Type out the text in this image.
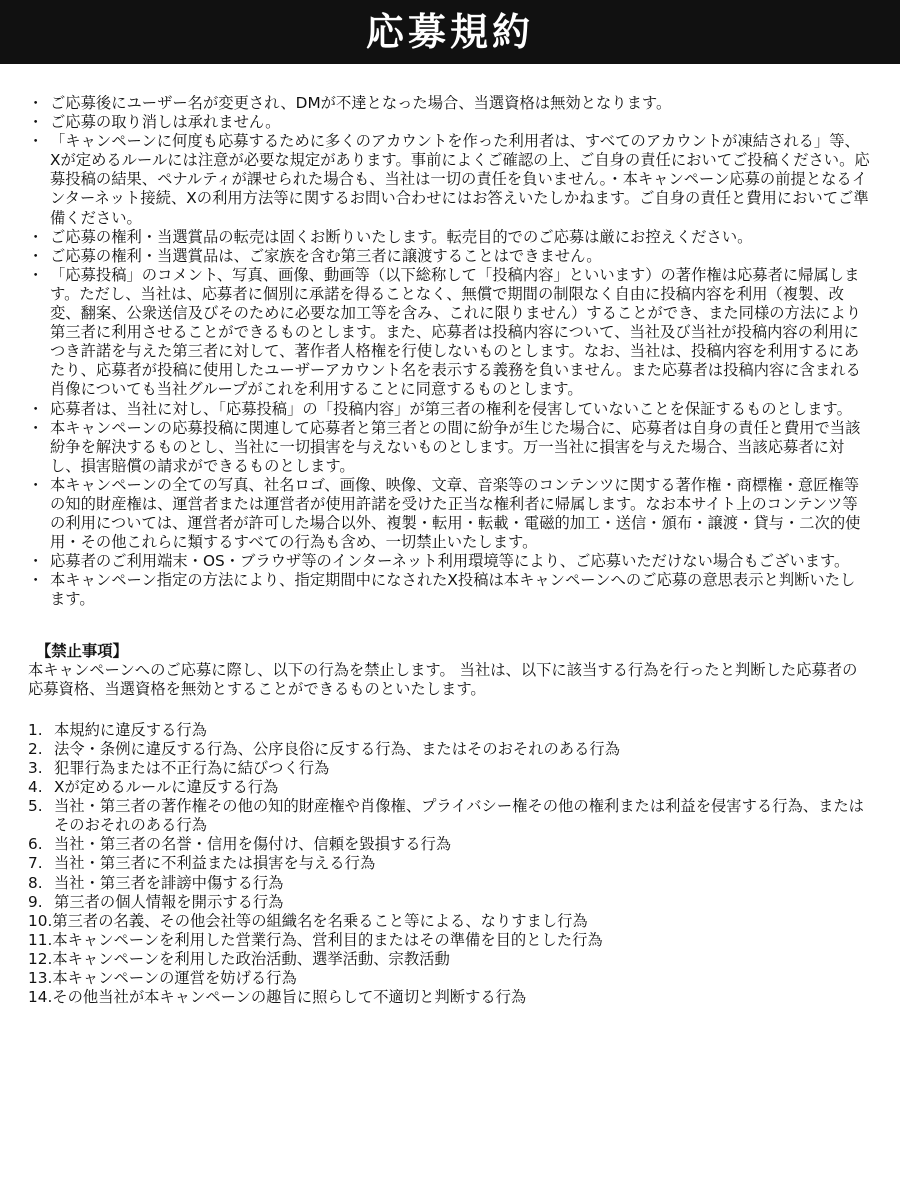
応募規約
・ ご応募後にユーザー名が変更され、DMが不達となった場合、当選資格は無効となります。
・ ご応募の取り消しは承れません。
・ 「キャンペーンに何度も応募するために多くのアカウントを作った利用者は、すべてのアカウントが凍結される」等、Xが定めるルールには注意が必要な規定があります。事前によくご確認の上、ご自身の責任においてご投稿ください。応募投稿の結果、ペナルティが課せられた場合も、当社は一切の責任を負いません。・本キャンペーン応募の前提となるインターネット接続、Xの利用方法等に関するお問い合わせにはお答えいたしかねます。ご自身の責任と費用においてご準備ください。
・ ご応募の権利・当選賞品の転売は固くお断りいたします。転売目的でのご応募は厳にお控えください。
・ ご応募の権利・当選賞品は、ご家族を含む第三者に譲渡することはできません。
・ 「応募投稿」のコメント、写真、画像、動画等（以下総称して「投稿内容」といいます）の著作権は応募者に帰属します。ただし、当社は、応募者に個別に承諾を得ることなく、無償で期間の制限なく自由に投稿内容を利用（複製、改変、翻案、公衆送信及びそのために必要な加工等を含み、これに限りません）することができ、また同様の方法により第三者に利用させることができるものとします。また、応募者は投稿内容について、当社及び当社が投稿内容の利用につき許諾を与えた第三者に対して、著作者人格権を行使しないものとします。なお、当社は、投稿内容を利用するにあたり、応募者が投稿に使用したユーザーアカウント名を表示する義務を負いません。また応募者は投稿内容に含まれる肖像についても当社グループがこれを利用することに同意するものとします。
・ 応募者は、当社に対し、「応募投稿」の「投稿内容」が第三者の権利を侵害していないことを保証するものとします。
・ 本キャンペーンの応募投稿に関連して応募者と第三者との間に紛争が生じた場合に、応募者は自身の責任と費用で当該紛争を解決するものとし、当社に一切損害を与えないものとします。万一当社に損害を与えた場合、当該応募者に対し、損害賠償の請求ができるものとします。
・ 本キャンペーンの全ての写真、社名ロゴ、画像、映像、文章、音楽等のコンテンツに関する著作権・商標権・意匠権等の知的財産権は、運営者または運営者が使用許諾を受けた正当な権利者に帰属します。なお本サイト上のコンテンツ等の利用については、運営者が許可した場合以外、複製・転用・転載・電磁的加工・送信・頒布・譲渡・貸与・二次的使用・その他これらに類するすべての行為も含め、一切禁止いたします。
・ 応募者のご利用端末・OS・ブラウザ等のインターネット利用環境等により、ご応募いただけない場合もございます。
・ 本キャンペーン指定の方法により、指定期間中になされたX投稿は本キャンペーンへのご応募の意思表示と判断いたします。
【禁止事項】
本キャンペーンへのご応募に際し、以下の行為を禁止します。 当社は、以下に該当する行為を行ったと判断した応募者の応募資格、当選資格を無効とすることができるものといたします。
1. 本規約に違反する行為
2. 法令・条例に違反する行為、公序良俗に反する行為、またはそのおそれのある行為
3. 犯罪行為または不正行為に結びつく行為
4. Xが定めるルールに違反する行為
5. 当社・第三者の著作権その他の知的財産権や肖像権、プライバシー権その他の権利または利益を侵害する行為、またはそのおそれのある行為
6. 当社・第三者の名誉・信用を傷付け、信頼を毀損する行為
7. 当社・第三者に不利益または損害を与える行為
8. 当社・第三者を誹謗中傷する行為
9. 第三者の個人情報を開示する行為
10.第三者の名義、その他会社等の組織名を名乗ること等による、なりすまし行為
11.本キャンペーンを利用した営業行為、営利目的またはその準備を目的とした行為
12.本キャンペーンを利用した政治活動、選挙活動、宗教活動
13.本キャンペーンの運営を妨げる行為
14.その他当社が本キャンペーンの趣旨に照らして不適切と判断する行為
